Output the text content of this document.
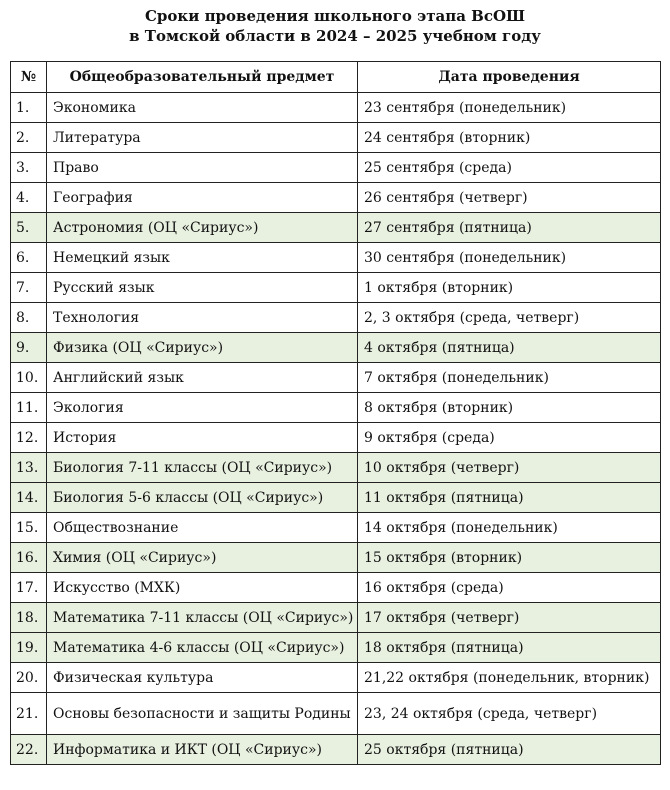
Сроки проведения школьного этапа ВсОШ
в Томской области в 2024 – 2025 учебном году
№	Общеобразовательный предмет	Дата проведения
1.	Экономика	23 сентября (понедельник)
2.	Литература	24 сентября (вторник)
3.	Право	25 сентября (среда)
4.	География	26 сентября (четверг)
5.	Астрономия (ОЦ «Сириус»)	27 сентября (пятница)
6.	Немецкий язык	30 сентября (понедельник)
7.	Русский язык	1 октября (вторник)
8.	Технология	2, 3 октября (среда, четверг)
9.	Физика (ОЦ «Сириус»)	4 октября (пятница)
10.	Английский язык	7 октября (понедельник)
11.	Экология	8 октября (вторник)
12.	История	9 октября (среда)
13.	Биология 7-11 классы (ОЦ «Сириус»)	10 октября (четверг)
14.	Биология 5-6 классы (ОЦ «Сириус»)	11 октября (пятница)
15.	Обществознание	14 октября (понедельник)
16.	Химия (ОЦ «Сириус»)	15 октября (вторник)
17.	Искусство (МХК)	16 октября (среда)
18.	Математика 7-11 классы (ОЦ «Сириус»)	17 октября (четверг)
19.	Математика 4-6 классы (ОЦ «Сириус»)	18 октября (пятница)
20.	Физическая культура	21,22 октября (понедельник, вторник)
21.	Основы безопасности и защиты Родины	23, 24 октября (среда, четверг)
22.	Информатика и ИКТ (ОЦ «Сириус»)	25 октября (пятница)
